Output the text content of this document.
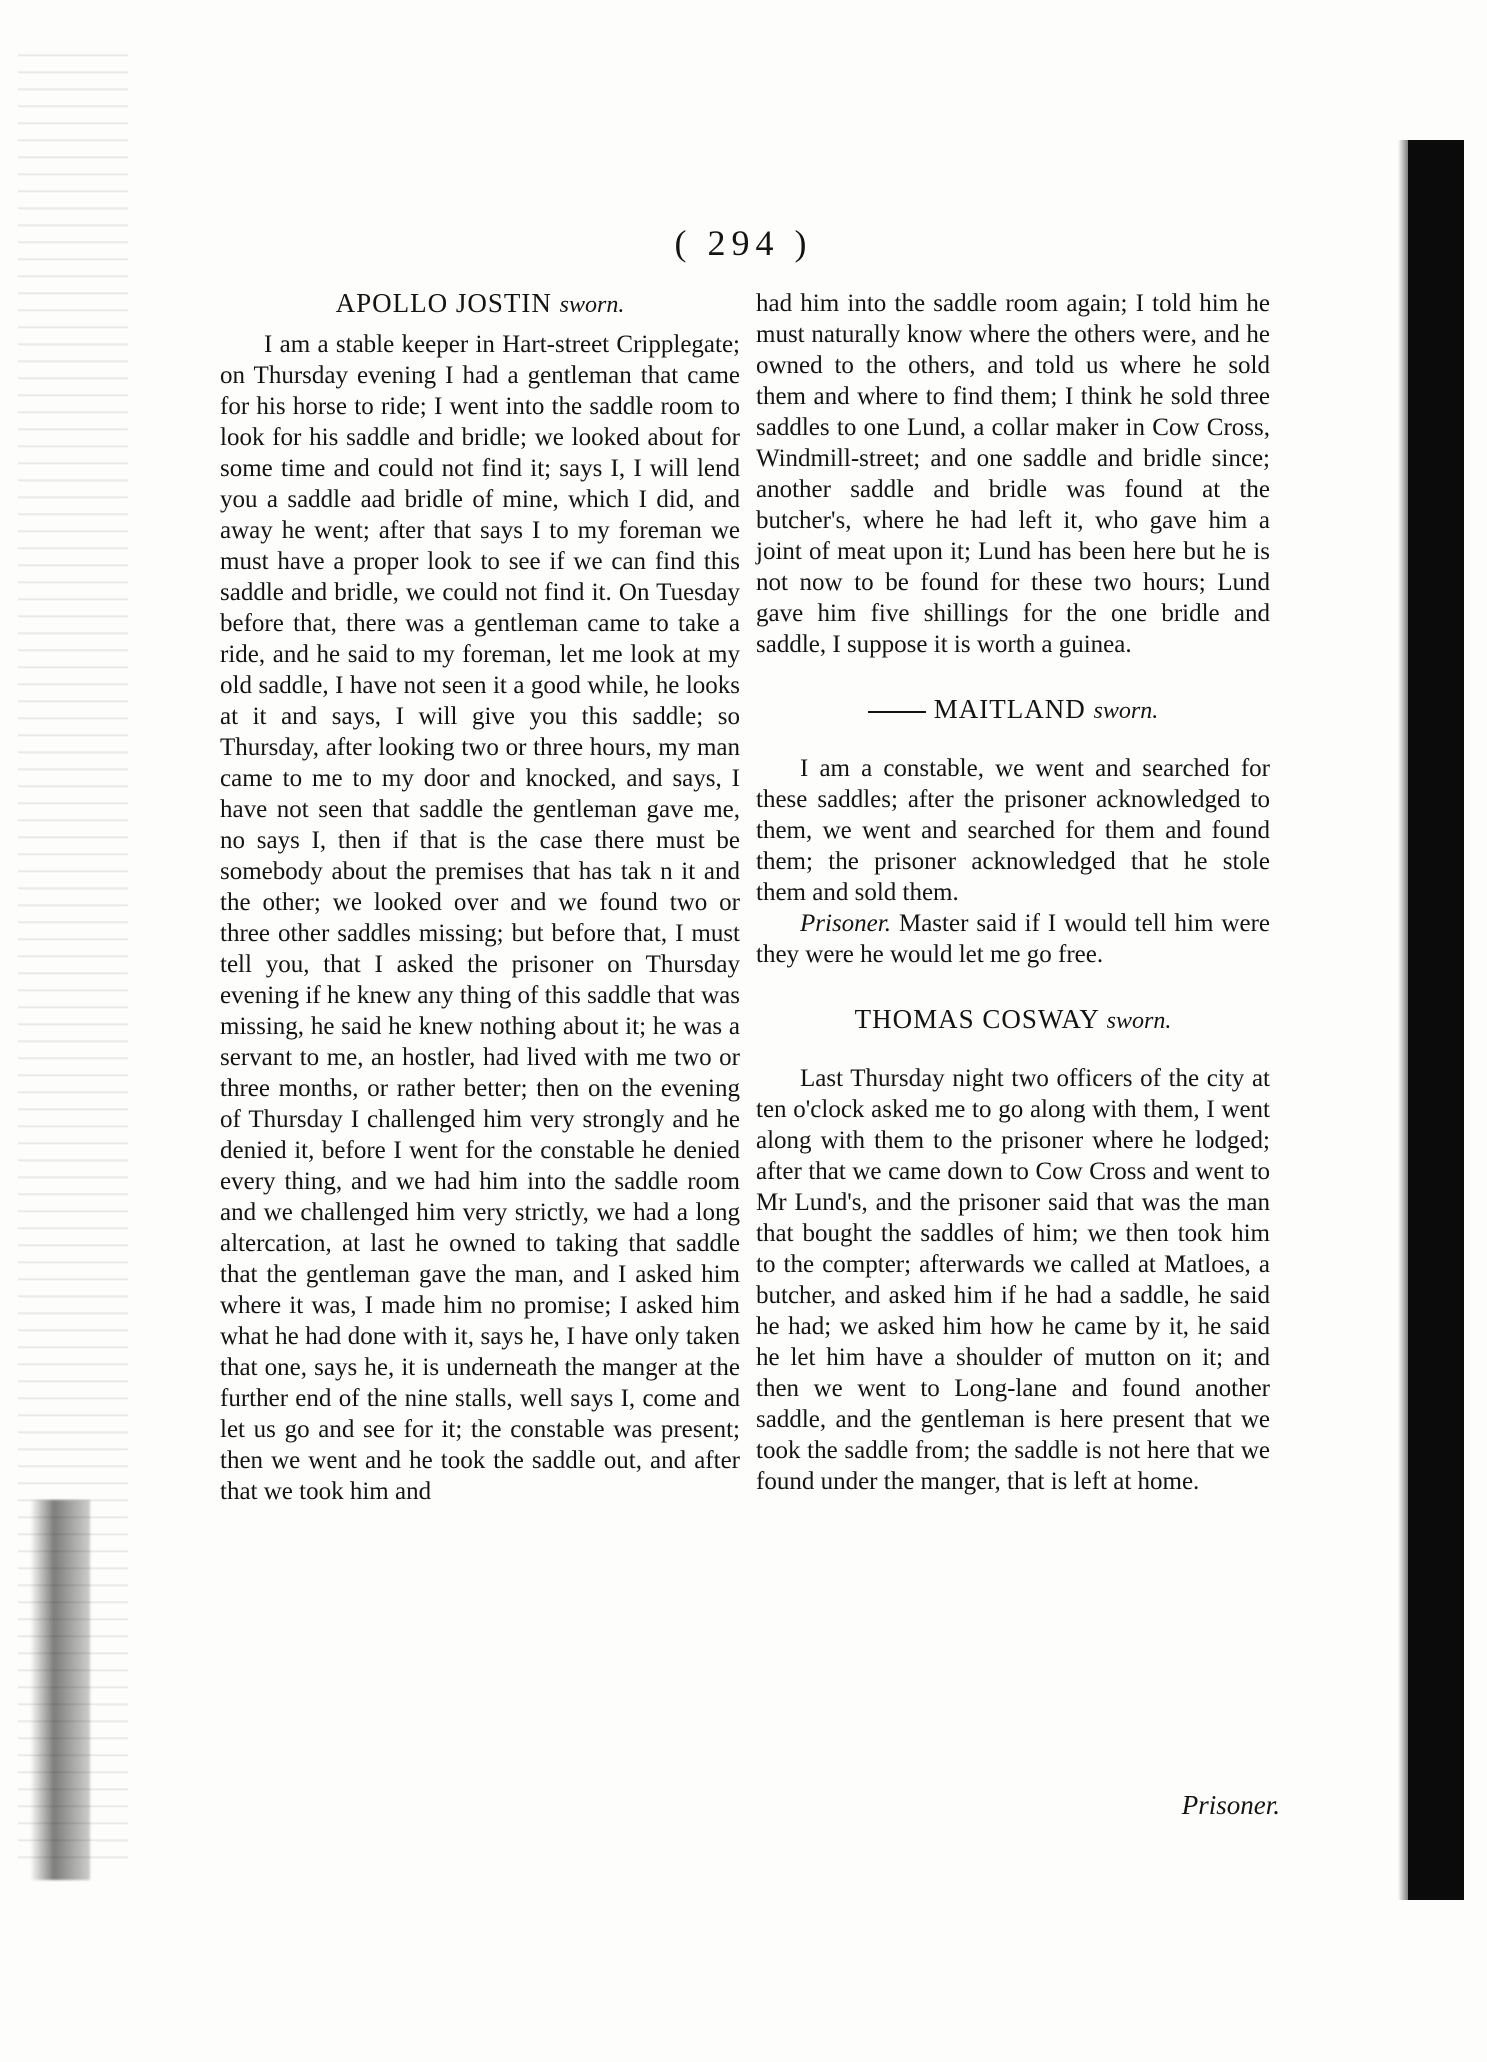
( 294 )
APOLLO JOSTIN sworn.

I am a stable keeper in Hart-street Cripplegate; on Thursday evening I had a gentleman that came for his horse to ride; I went into the saddle room to look for his saddle and bridle; we looked about for some time and could not find it; says I, I will lend you a saddle aad bridle of mine, which I did, and away he went; after that says I to my foreman we must have a proper look to see if we can find this saddle and bridle, we could not find it. On Tuesday before that, there was a gentleman came to take a ride, and he said to my foreman, let me look at my old saddle, I have not seen it a good while, he looks at it and says, I will give you this saddle; so Thursday, after looking two or three hours, my man came to me to my door and knocked, and says, I have not seen that saddle the gentleman gave me, no says I, then if that is the case there must be somebody about the premises that has tak n it and the other; we looked over and we found two or three other saddles missing; but before that, I must tell you, that I asked the prisoner on Thursday evening if he knew any thing of this saddle that was missing, he said he knew nothing about it; he was a servant to me, an hostler, had lived with me two or three months, or rather better; then on the evening of Thursday I challenged him very strongly and he denied it, before I went for the constable he denied every thing, and we had him into the saddle room and we challenged him very strictly, we had a long altercation, at last he owned to taking that saddle that the gentleman gave the man, and I asked him where it was, I made him no promise; I asked him what he had done with it, says he, I have only taken that one, says he, it is underneath the manger at the further end of the nine stalls, well says I, come and let us go and see for it; the constable was present; then we went and he took the saddle out, and after that we took him and

had him into the saddle room again; I told him he must naturally know where the others were, and he owned to the others, and told us where he sold them and where to find them; I think he sold three saddles to one Lund, a collar maker in Cow Cross, Windmill-street; and one saddle and bridle since; another saddle and bridle was found at the butcher's, where he had left it, who gave him a joint of meat upon it; Lund has been here but he is not now to be found for these two hours; Lund gave him five shillings for the one bridle and saddle, I suppose it is worth a guinea.

MAITLAND sworn.

I am a constable, we went and searched for these saddles; after the prisoner acknowledged to them, we went and searched for them and found them; the prisoner acknowledged that he stole them and sold them.

Prisoner. Master said if I would tell him were they were he would let me go free.

THOMAS COSWAY sworn.

Last Thursday night two officers of the city at ten o'clock asked me to go along with them, I went along with them to the prisoner where he lodged; after that we came down to Cow Cross and went to Mr Lund's, and the prisoner said that was the man that bought the saddles of him; we then took him to the compter; afterwards we called at Matloes, a butcher, and asked him if he had a saddle, he said he had; we asked him how he came by it, he said he let him have a shoulder of mutton on it; and then we went to Long-lane and found another saddle, and the gentleman is here present that we took the saddle from; the saddle is not here that we found under the manger, that is left at home.

Prisoner.
